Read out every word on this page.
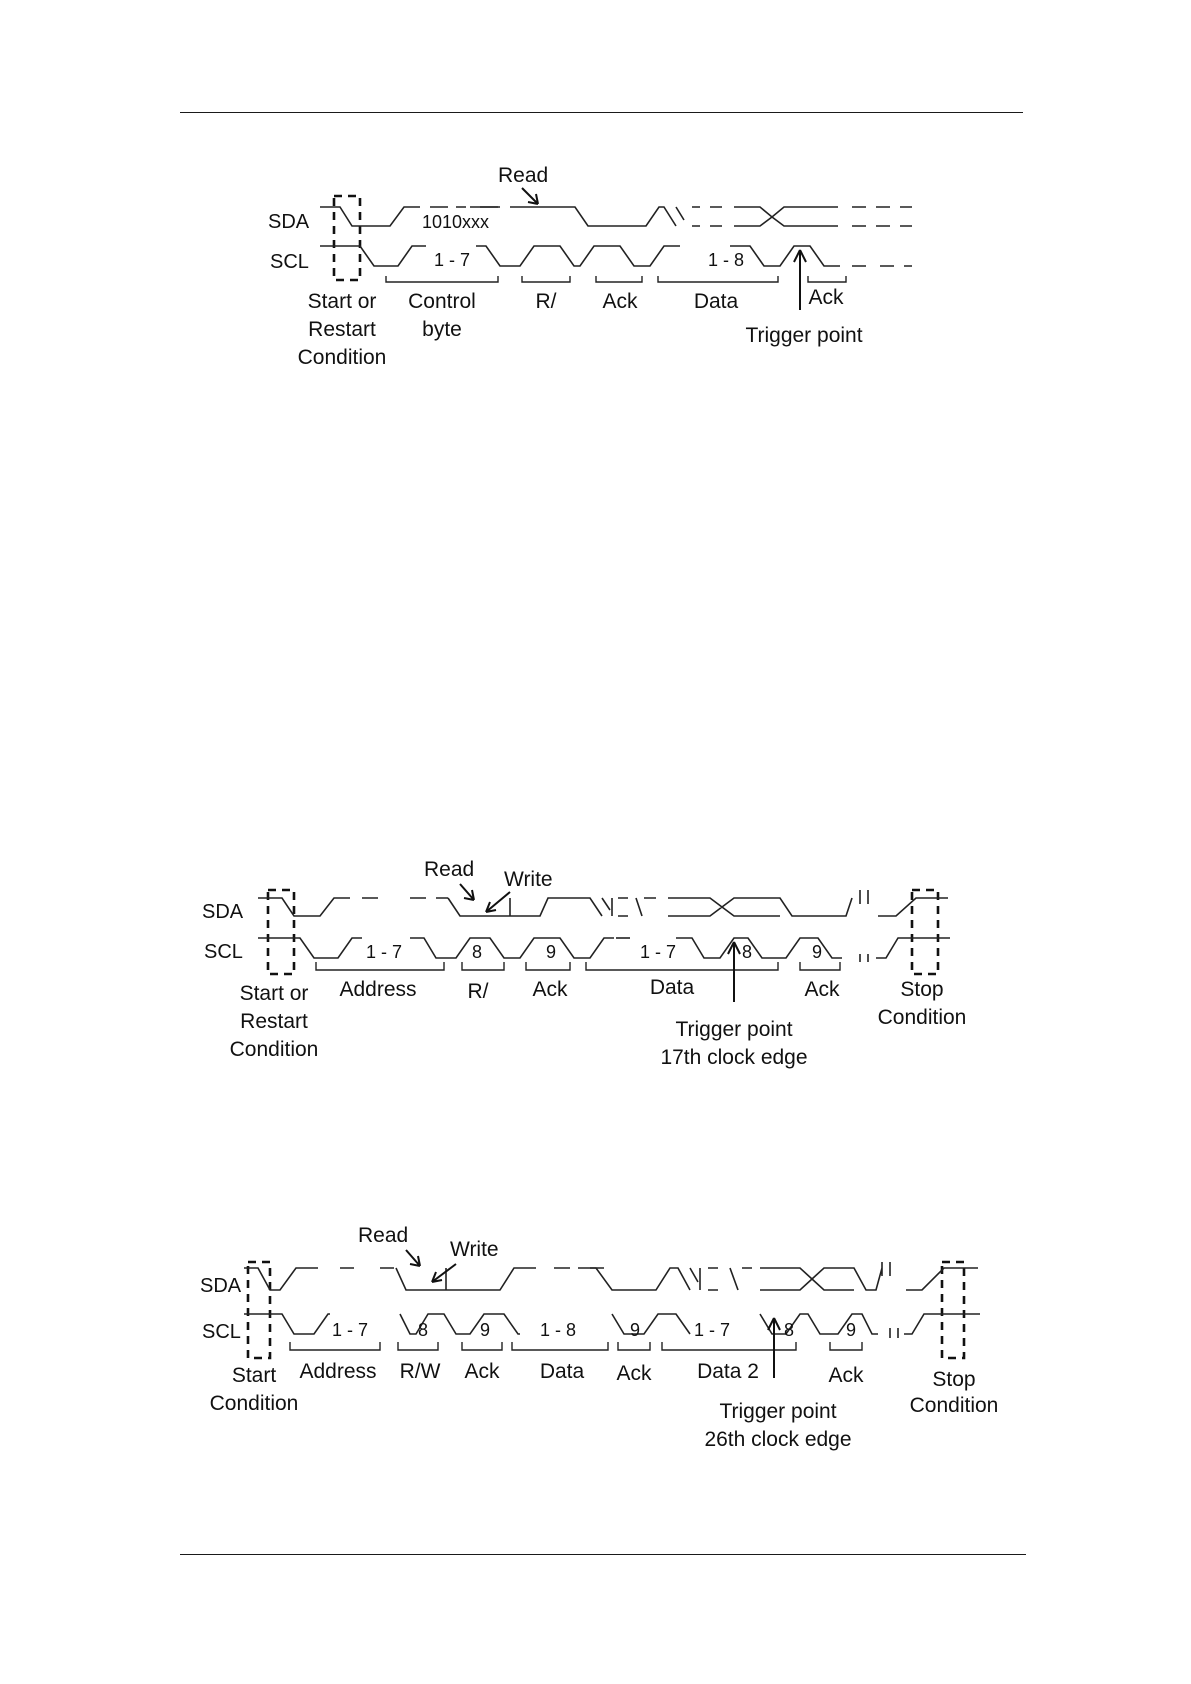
SDA
SCL
1010xxx
Read
1 - 7	1 - 8
Start or
Restart
Condition
Control
byte
R/ Ack	Data	Ack
Trigger point
SDA
SCL
Read Write
1 - 7	8	9	1 - 7	8	9
Start or
Restart
Condition
Address R/ Ack	Data	Ack	Stop
Condition
Trigger point
17th clock edge
SDA
SCL
Read
Write
1 - 7	8	9	1 - 8	9	1 - 7	8	9
Start
Condition
Address R/W Ack Data Ack Data 2	Ack	Stop
Condition
Trigger point
26th clock edge
